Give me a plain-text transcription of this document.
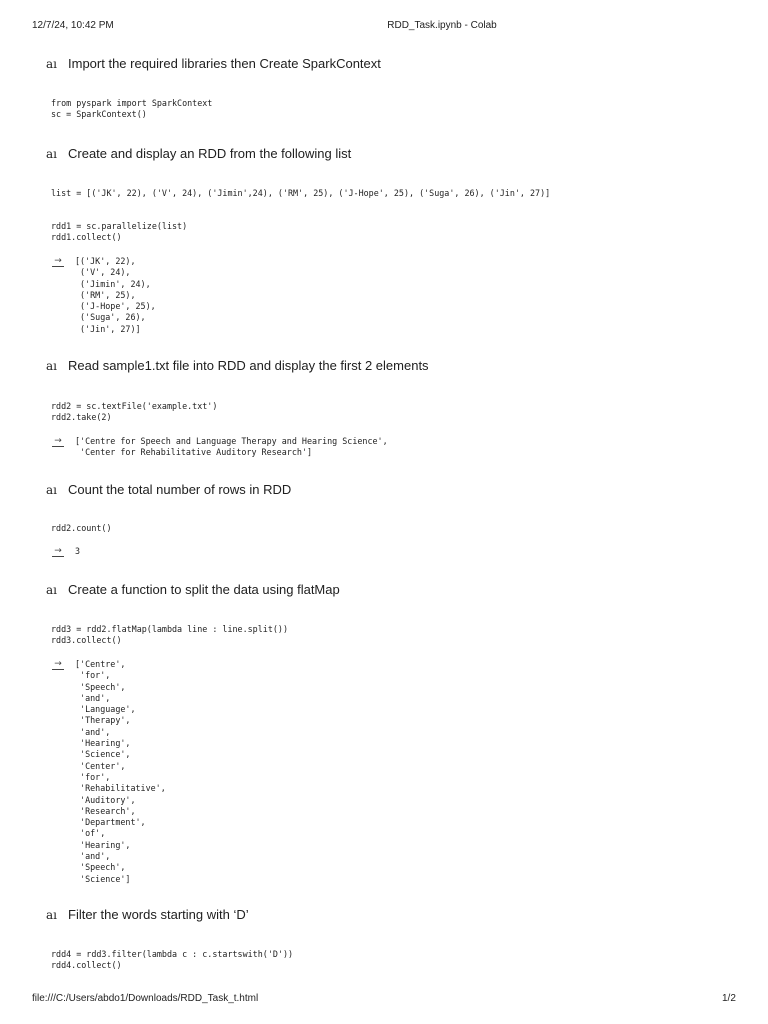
12/7/24, 10:42 PM	RDD_Task.ipynb - Colab
aı Import the required libraries then Create SparkContext
from pyspark import SparkContext
sc = SparkContext()
aı Create and display an RDD from the following list
list = [('JK', 22), ('V', 24), ('Jimin',24), ('RM', 25), ('J-Hope', 25), ('Suga', 26), ('Jin', 27)]
rdd1 = sc.parallelize(list)
rdd1.collect()
→
[('JK', 22),
('V', 24),
('Jimin', 24),
('RM', 25),
('J-Hope', 25),
('Suga', 26),
('Jin', 27)]
aı Read sample1.txt file into RDD and display the first 2 elements
rdd2 = sc.textFile('example.txt')
rdd2.take(2)
→
['Centre for Speech and Language Therapy and Hearing Science',
'Center for Rehabilitative Auditory Research']
aı Count the total number of rows in RDD
rdd2.count()
→
3
aı Create a function to split the data using flatMap
rdd3 = rdd2.flatMap(lambda line : line.split())
rdd3.collect()
→
['Centre',
'for',
'Speech',
'and',
'Language',
'Therapy',
'and',
'Hearing',
'Science',
'Center',
'for',
'Rehabilitative',
'Auditory',
'Research',
'Department',
'of',
'Hearing',
'and',
'Speech',
'Science']
aı Filter the words starting with ‘D’
rdd4 = rdd3.filter(lambda c : c.startswith('D'))
rdd4.collect()
file:///C:/Users/abdo1/Downloads/RDD_Task_t.html	1/2
